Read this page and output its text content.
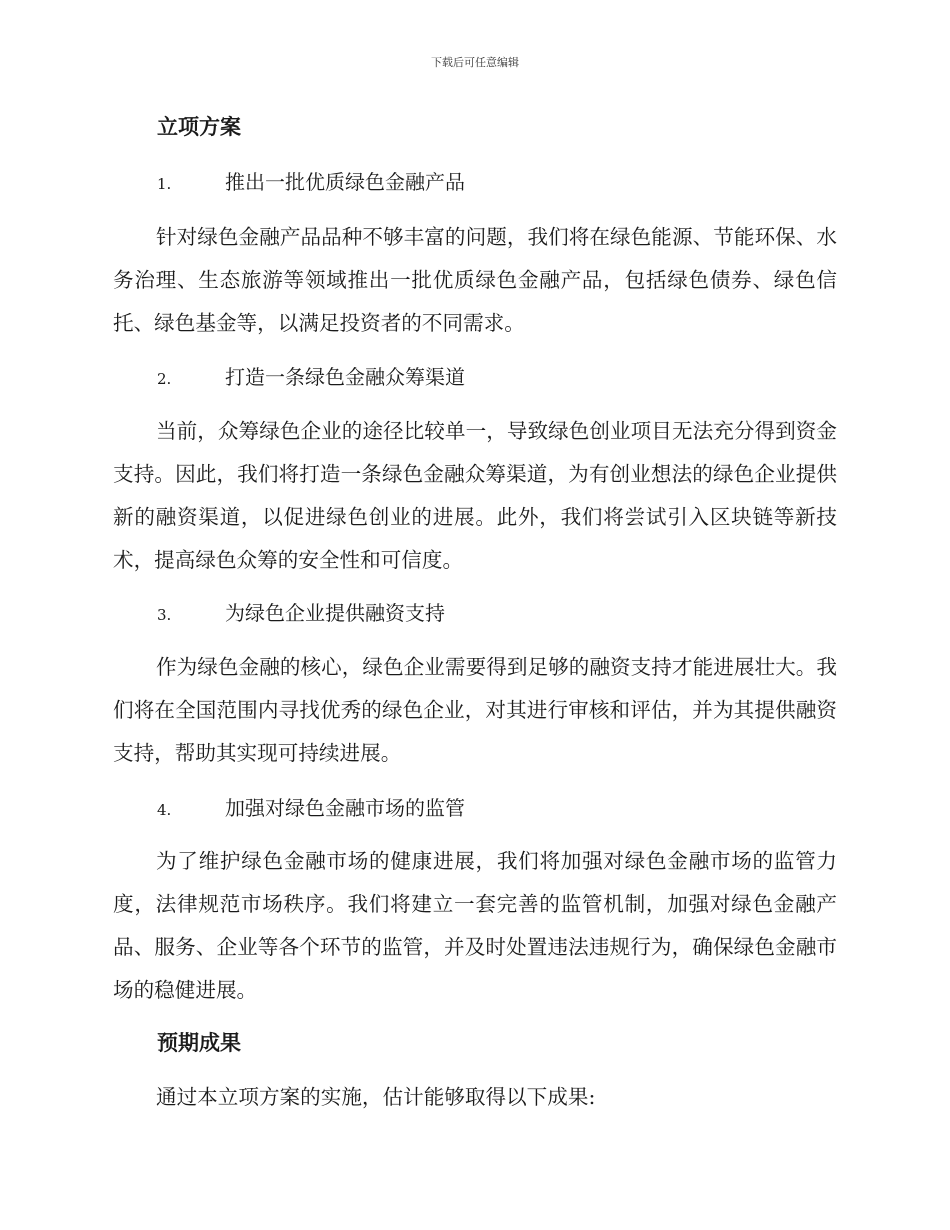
下载后可任意编辑
立项方案
1.	推出一批优质绿色金融产品
针对绿色金融产品品种不够丰富的问题，我们将在绿色能源、节能环保、水务治理、生态旅游等领域推出一批优质绿色金融产品，包括绿色债券、绿色信托、绿色基金等，以满足投资者的不同需求。
2.	打造一条绿色金融众筹渠道
当前，众筹绿色企业的途径比较单一，导致绿色创业项目无法充分得到资金支持。因此，我们将打造一条绿色金融众筹渠道，为有创业想法的绿色企业提供新的融资渠道，以促进绿色创业的进展。此外，我们将尝试引入区块链等新技术，提高绿色众筹的安全性和可信度。
3.	为绿色企业提供融资支持
作为绿色金融的核心，绿色企业需要得到足够的融资支持才能进展壮大。我们将在全国范围内寻找优秀的绿色企业，对其进行审核和评估，并为其提供融资支持，帮助其实现可持续进展。
4.	加强对绿色金融市场的监管
为了维护绿色金融市场的健康进展，我们将加强对绿色金融市场的监管力度，法律规范市场秩序。我们将建立一套完善的监管机制，加强对绿色金融产品、服务、企业等各个环节的监管，并及时处置违法违规行为，确保绿色金融市场的稳健进展。
预期成果
通过本立项方案的实施，估计能够取得以下成果:
